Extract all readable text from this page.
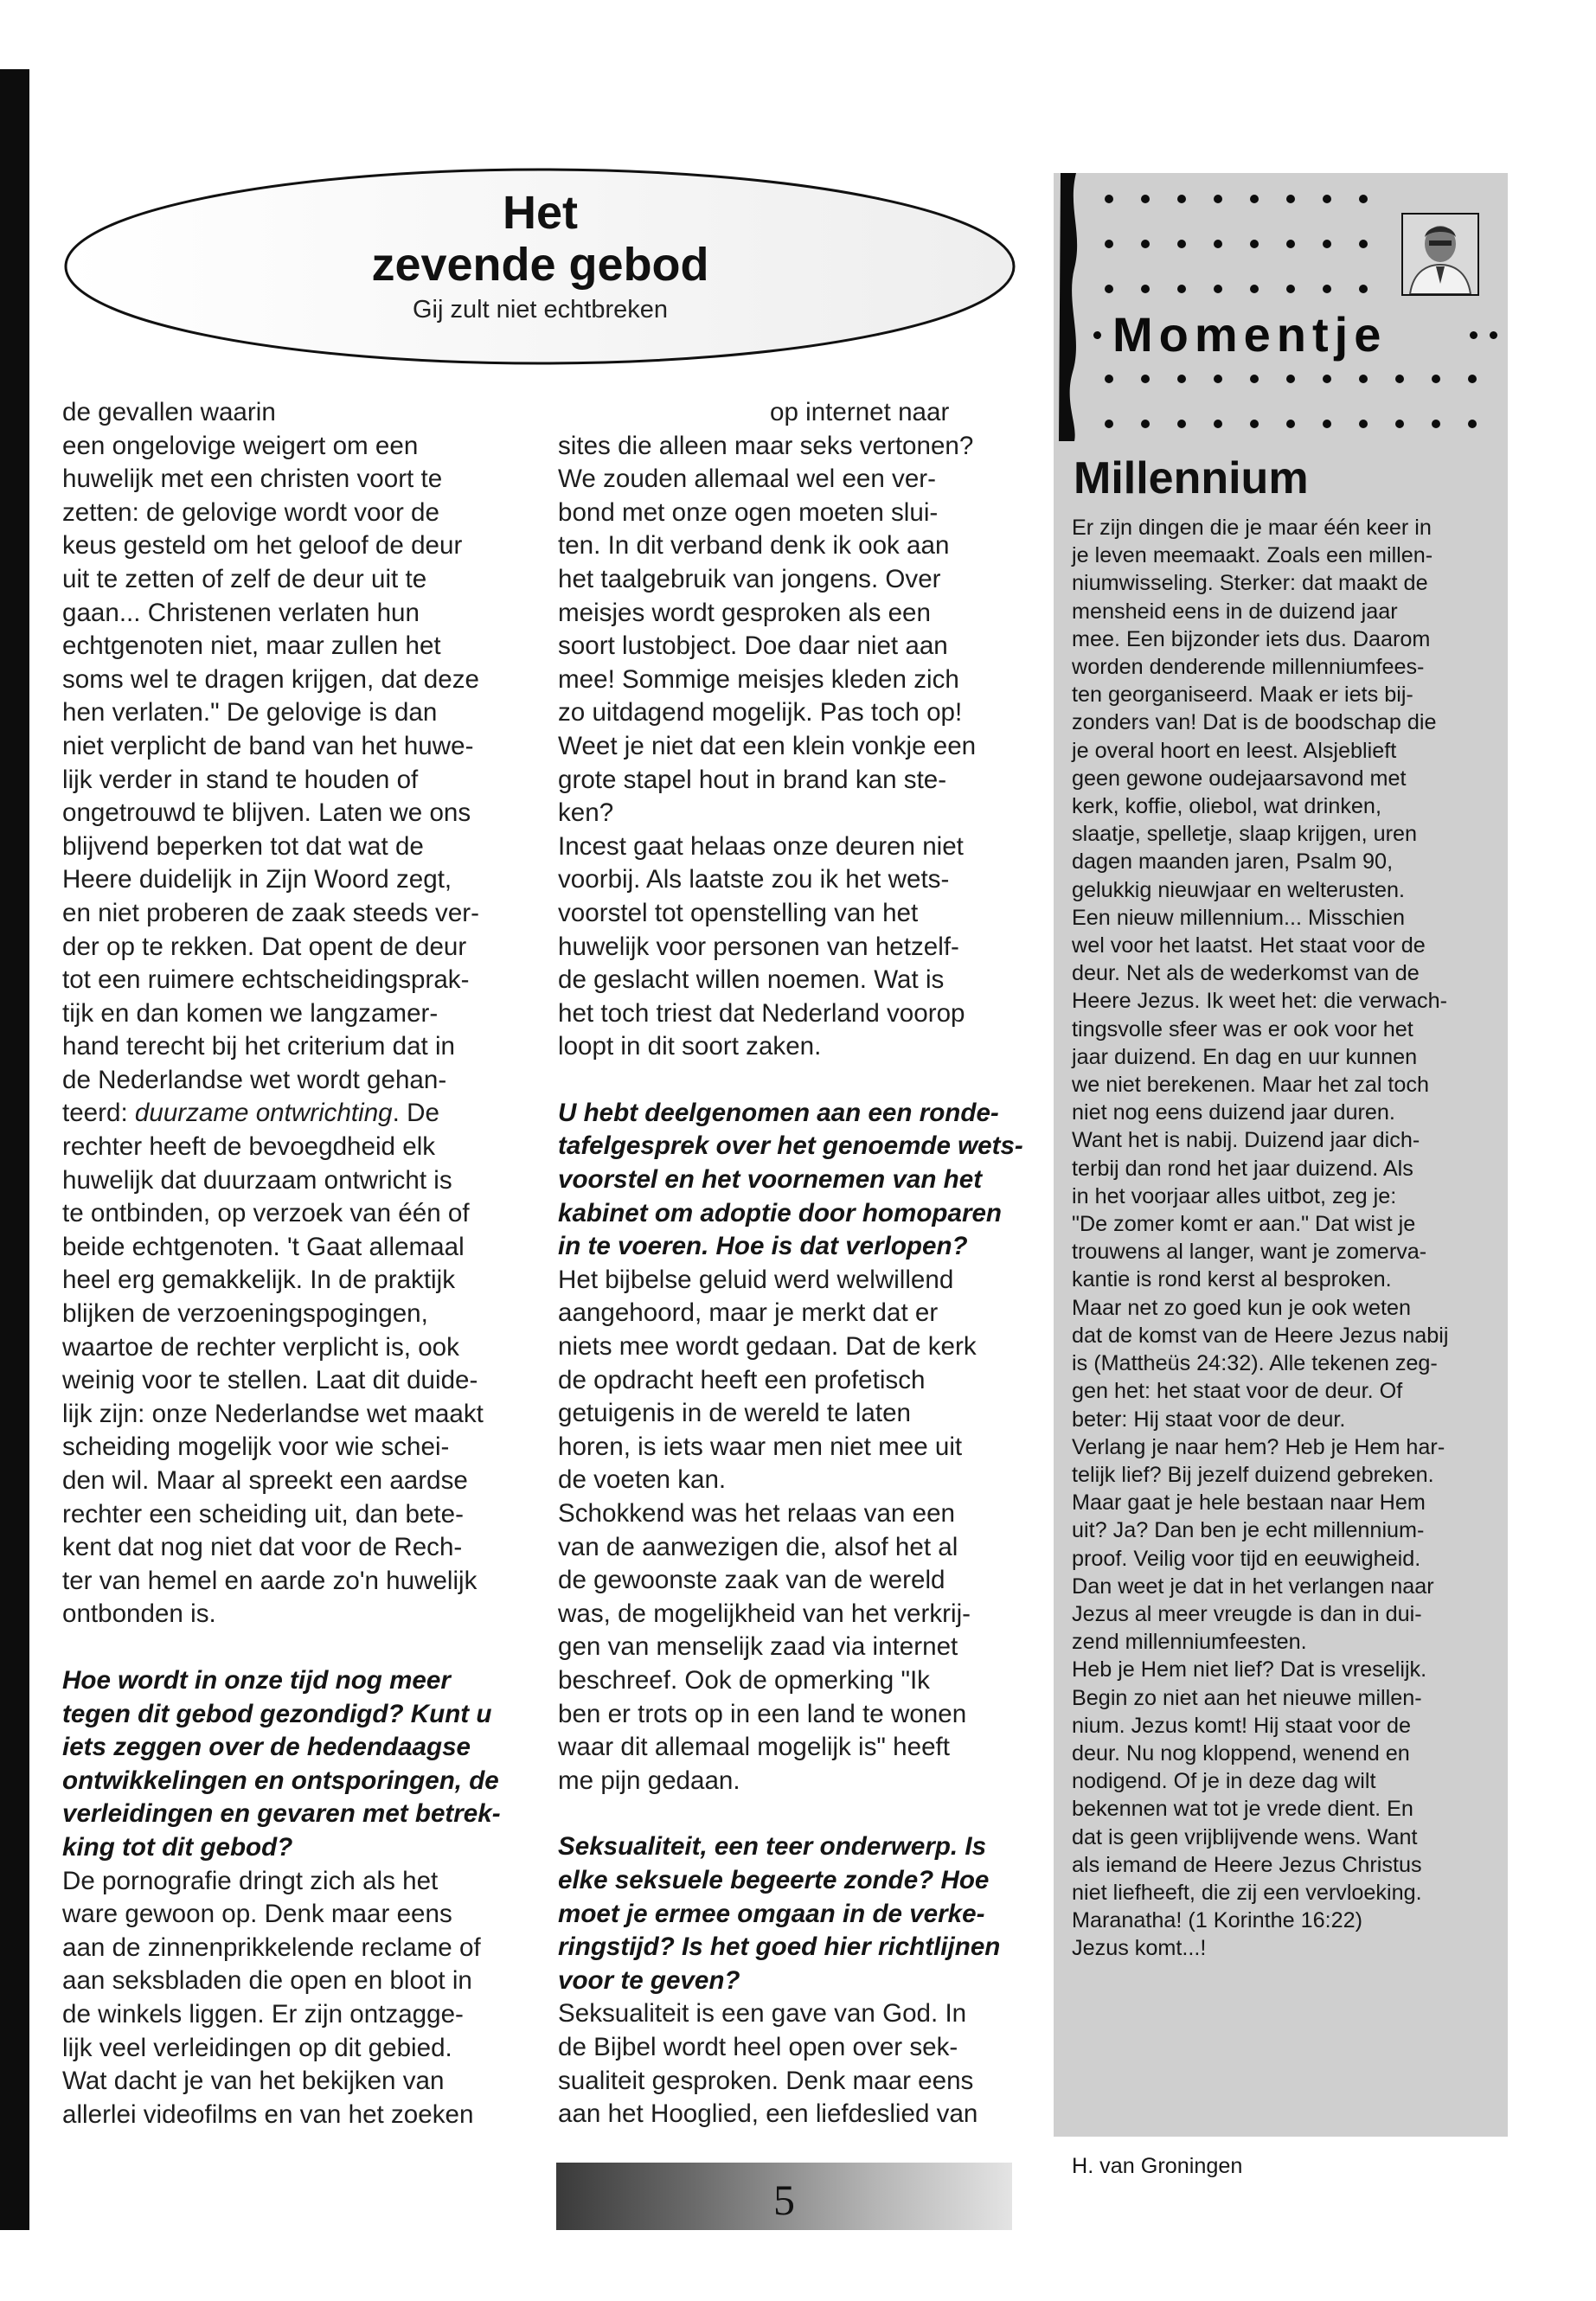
Het
zevende gebod
Gij zult niet echtbreken

de gevallen waarin

een ongelovige weigert om een

huwelijk met een christen voort te

zetten: de gelovige wordt voor de

keus gesteld om het geloof de deur

uit te zetten of zelf de deur uit te

gaan... Christenen verlaten hun

echtgenoten niet, maar zullen het

soms wel te dragen krijgen, dat deze

hen verlaten." De gelovige is dan

niet verplicht de band van het huwe-

lijk verder in stand te houden of

ongetrouwd te blijven. Laten we ons

blijvend beperken tot dat wat de

Heere duidelijk in Zijn Woord zegt,

en niet proberen de zaak steeds ver-

der op te rekken. Dat opent de deur

tot een ruimere echtscheidingsprak-

tijk en dan komen we langzamer-

hand terecht bij het criterium dat in

de Nederlandse wet wordt gehan-

teerd: duurzame ontwrichting. De

rechter heeft de bevoegdheid elk

huwelijk dat duurzaam ontwricht is

te ontbinden, op verzoek van één of

beide echtgenoten. 't Gaat allemaal

heel erg gemakkelijk. In de praktijk

blijken de verzoeningspogingen,

waartoe de rechter verplicht is, ook

weinig voor te stellen. Laat dit duide-

lijk zijn: onze Nederlandse wet maakt

scheiding mogelijk voor wie schei-

den wil. Maar al spreekt een aardse

rechter een scheiding uit, dan bete-

kent dat nog niet dat voor de Rech-

ter van hemel en aarde zo'n huwelijk

ontbonden is.

Hoe wordt in onze tijd nog meer

tegen dit gebod gezondigd? Kunt u

iets zeggen over de hedendaagse

ontwikkelingen en ontsporingen, de

verleidingen en gevaren met betrek-

king tot dit gebod?

De pornografie dringt zich als het

ware gewoon op. Denk maar eens

aan de zinnenprikkelende reclame of

aan seksbladen die open en bloot in

de winkels liggen. Er zijn ontzagge-

lijk veel verleidingen op dit gebied.

Wat dacht je van het bekijken van

allerlei videofilms en van het zoeken

op internet naar

sites die alleen maar seks vertonen?

We zouden allemaal wel een ver-

bond met onze ogen moeten slui-

ten. In dit verband denk ik ook aan

het taalgebruik van jongens. Over

meisjes wordt gesproken als een

soort lustobject. Doe daar niet aan

mee! Sommige meisjes kleden zich

zo uitdagend mogelijk. Pas toch op!

Weet je niet dat een klein vonkje een

grote stapel hout in brand kan ste-

ken?

Incest gaat helaas onze deuren niet

voorbij. Als laatste zou ik het wets-

voorstel tot openstelling van het

huwelijk voor personen van hetzelf-

de geslacht willen noemen. Wat is

het toch triest dat Nederland voorop

loopt in dit soort zaken.

U hebt deelgenomen aan een ronde-

tafelgesprek over het genoemde wets-

voorstel en het voornemen van het

kabinet om adoptie door homoparen

in te voeren. Hoe is dat verlopen?

Het bijbelse geluid werd welwillend

aangehoord, maar je merkt dat er

niets mee wordt gedaan. Dat de kerk

de opdracht heeft een profetisch

getuigenis in de wereld te laten

horen, is iets waar men niet mee uit

de voeten kan.

Schokkend was het relaas van een

van de aanwezigen die, alsof het al

de gewoonste zaak van de wereld

was, de mogelijkheid van het verkrij-

gen van menselijk zaad via internet

beschreef. Ook de opmerking "Ik

ben er trots op in een land te wonen

waar dit allemaal mogelijk is" heeft

me pijn gedaan.

Seksualiteit, een teer onderwerp. Is

elke seksuele begeerte zonde? Hoe

moet je ermee omgaan in de verke-

ringstijd? Is het goed hier richtlijnen

voor te geven?

Seksualiteit is een gave van God. In

de Bijbel wordt heel open over sek-

sualiteit gesproken. Denk maar eens

aan het Hooglied, een liefdeslied van

Momentje
Millennium

Er zijn dingen die je maar één keer in

je leven meemaakt. Zoals een millen-

niumwisseling. Sterker: dat maakt de

mensheid eens in de duizend jaar

mee. Een bijzonder iets dus. Daarom

worden denderende millenniumfees-

ten georganiseerd. Maak er iets bij-

zonders van! Dat is de boodschap die

je overal hoort en leest. Alsjeblieft

geen gewone oudejaarsavond met

kerk, koffie, oliebol, wat drinken,

slaatje, spelletje, slaap krijgen, uren

dagen maanden jaren, Psalm 90,

gelukkig nieuwjaar en welterusten.

Een nieuw millennium... Misschien

wel voor het laatst. Het staat voor de

deur. Net als de wederkomst van de

Heere Jezus. Ik weet het: die verwach-

tingsvolle sfeer was er ook voor het

jaar duizend. En dag en uur kunnen

we niet berekenen. Maar het zal toch

niet nog eens duizend jaar duren.

Want het is nabij. Duizend jaar dich-

terbij dan rond het jaar duizend. Als

in het voorjaar alles uitbot, zeg je:

"De zomer komt er aan." Dat wist je

trouwens al langer, want je zomerva-

kantie is rond kerst al besproken.

Maar net zo goed kun je ook weten

dat de komst van de Heere Jezus nabij

is (Mattheüs 24:32). Alle tekenen zeg-

gen het: het staat voor de deur. Of

beter: Hij staat voor de deur.

Verlang je naar hem? Heb je Hem har-

telijk lief? Bij jezelf duizend gebreken.

Maar gaat je hele bestaan naar Hem

uit? Ja? Dan ben je echt millennium-

proof. Veilig voor tijd en eeuwigheid.

Dan weet je dat in het verlangen naar

Jezus al meer vreugde is dan in dui-

zend millenniumfeesten.

Heb je Hem niet lief? Dat is vreselijk.

Begin zo niet aan het nieuwe millen-

nium. Jezus komt! Hij staat voor de

deur. Nu nog kloppend, wenend en

nodigend. Of je in deze dag wilt

bekennen wat tot je vrede dient. En

dat is geen vrijblijvende wens. Want

als iemand de Heere Jezus Christus

niet liefheeft, die zij een vervloeking.

Maranatha! (1 Korinthe 16:22)

Jezus komt...!

H. van Groningen
5
